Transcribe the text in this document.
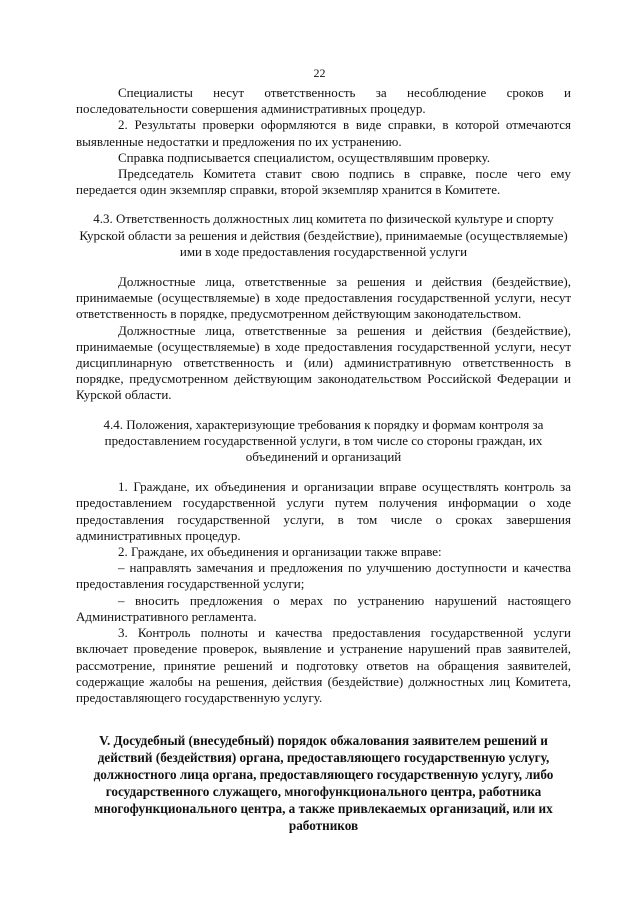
22

Специалисты несут ответственность за несоблюдение сроков и последовательности совершения административных процедур.

2. Результаты проверки оформляются в виде справки, в которой отмечаются выявленные недостатки и предложения по их устранению.

Справка подписывается специалистом, осуществлявшим проверку.

Председатель Комитета ставит свою подпись в справке, после чего ему передается один экземпляр справки, второй экземпляр хранится в Комитете.

4.3. Ответственность должностных лиц комитета по физической культуре и спорту Курской области за решения и действия (бездействие), принимаемые (осуществляемые) ими в ходе предоставления государственной услуги

Должностные лица, ответственные за решения и действия (бездействие), принимаемые (осуществляемые) в ходе предоставления государственной услуги, несут ответственность в порядке, предусмотренном действующим законодательством.

Должностные лица, ответственные за решения и действия (бездействие), принимаемые (осуществляемые) в ходе предоставления государственной услуги, несут дисциплинарную ответственность и (или) административную ответственность в порядке, предусмотренном действующим законодательством Российской Федерации и Курской области.

4.4. Положения, характеризующие требования к порядку и формам контроля за предоставлением государственной услуги, в том числе со стороны граждан, их объединений и организаций

1. Граждане, их объединения и организации вправе осуществлять контроль за предоставлением государственной услуги путем получения информации о ходе предоставления государственной услуги, в том числе о сроках завершения административных процедур.

2. Граждане, их объединения и организации также вправе:

– направлять замечания и предложения по улучшению доступности и качества предоставления государственной услуги;

– вносить предложения о мерах по устранению нарушений настоящего Административного регламента.

3. Контроль полноты и качества предоставления государственной услуги включает проведение проверок, выявление и устранение нарушений прав заявителей, рассмотрение, принятие решений и подготовку ответов на обращения заявителей, содержащие жалобы на решения, действия (бездействие) должностных лиц Комитета, предоставляющего государственную услугу.

V. Досудебный (внесудебный) порядок обжалования заявителем решений и действий (бездействия) органа, предоставляющего государственную услугу, должностного лица органа, предоставляющего государственную услугу, либо государственного служащего, многофункционального центра, работника многофункционального центра, а также привлекаемых организаций, или их работников
